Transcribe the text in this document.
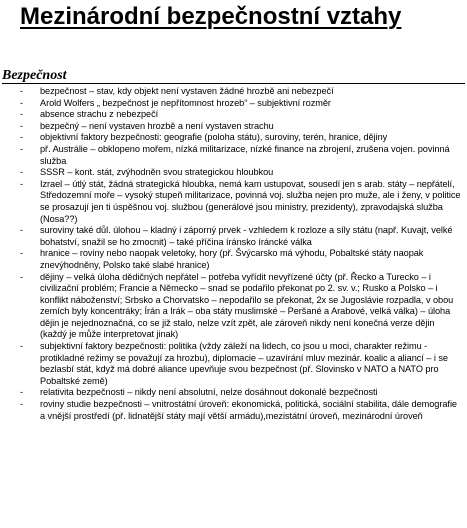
Mezinárodní bezpečnostní vztahy
Bezpečnost
- bezpečnost – stav, kdy objekt není vystaven žádné hrozbě ani nebezpečí
- Arold Wolfers „ bezpečnost je nepřítomnost hrozeb“ – subjektivní rozměr
- absence strachu z nebezpečí
- bezpečný – není vystaven hrozbě a není vystaven strachu
- objektivní faktory bezpečnosti: geografie (poloha státu), suroviny, terén, hranice, dějiny
- př. Austrálie – obklopeno mořem, nízká militarizace, nízké finance na zbrojení, zrušena vojen. povinná služba
- SSSR – kont. stát, zvýhodněn svou strategickou hloubkou
- Izrael – útlý stát, žádná strategická hloubka, nemá kam ustupovat, sousedí jen s arab. státy – nepřátelí, Středozemní moře – vysoký stupeň militarizace, povinná voj. služba nejen pro muže, ale i ženy, v politice se prosazují jen ti úspěšnou voj. službou (generálové jsou ministry, prezidenty), zpravodajská služba (Nosa??)
- suroviny také důl. úlohou – kladný i záporný prvek - vzhledem k rozloze a síly státu (např. Kuvajt, velké bohatství, snažil se ho zmocnit) – také příčina íránsko íráncké válka
- hranice – roviny nebo naopak veletoky, hory (př. Švýcarsko má výhodu, Pobaltské státy naopak znevýhodněny, Polsko také slabé hranice)
- dějiny – velká úloha dědičných nepřátel – potřeba vyřídit nevyřízené účty (př. Řecko a Turecko – i civilizační problém; Francie a Německo – snad se podařilo překonat po 2. sv. v.; Rusko a Polsko – i konflikt náboženství; Srbsko a Chorvatsko – nepodařilo se překonat, 2x se Jugoslávie rozpadla, v obou zemích byly koncentráky; Írán a Irák – oba státy muslimské – Peršané a Arabové, velká válka) – úloha dějin je nejednoznačná, co se již stalo, nelze vzít zpět, ale zároveň nikdy není konečná verze dějin (každý je může interpretovat jinak)
- subjektivní faktory bezpečnosti: politika (vždy záleží na lidech, co jsou u moci, charakter režimu - protikladné režimy se považují za hrozbu), diplomacie – uzavírání mluv mezinár. koalic a aliancí – i se bezlasbí stát, když má dobré aliance upevňuje svou bezpečnost (př. Slovinsko v NATO a NATO pro Pobaltské země)
- relativita bezpečnosti – nikdy není absolutní, nelze dosáhnout dokonalé bezpečnosti
- roviny studie bezpečnosti – vnitrostátní úroveň: ekonomická, politická, sociální stabilita, dále demografie a vnější prostředí (př. lidnatější státy mají větší armádu),mezistátní úroveň, mezinárodní úroveň
